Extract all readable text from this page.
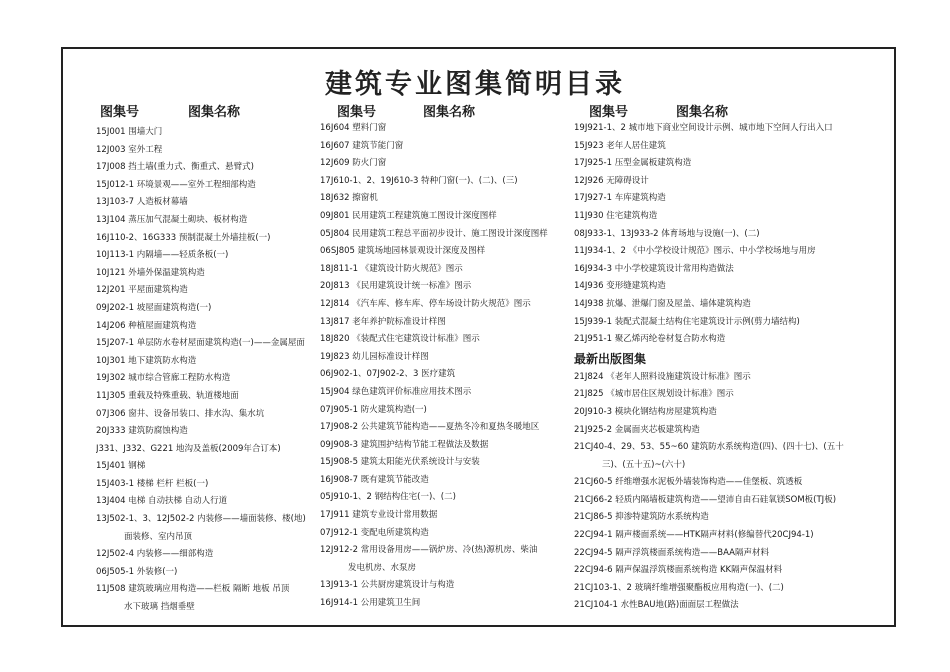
建筑专业图集简明目录
图集号	图集名称	图集号	图集名称	图集号	图集名称
15J001 围墙大门
12J003 室外工程
17J008 挡土墙(重力式、衡重式、悬臂式)
15J012-1 环境景观——室外工程细部构造
13J103-7 人造板材幕墙
13J104 蒸压加气混凝土砌块、板材构造
16J110-2、16G333 预制混凝土外墙挂板(一)
10J113-1 内隔墙——轻质条板(一)
10J121 外墙外保温建筑构造
12J201 平屋面建筑构造
09J202-1 坡屋面建筑构造(一)
14J206 种植屋面建筑构造
15J207-1 单层防水卷材屋面建筑构造(一)——金属屋面
10J301 地下建筑防水构造
19J302 城市综合管廊工程防水构造
11J305 重载及特殊重载、轨道楼地面
07J306 窗井、设备吊装口、排水沟、集水坑
20J333 建筑防腐蚀构造
J331、J332、G221 地沟及盖板(2009年合订本)
15J401 钢梯
15J403-1 楼梯 栏杆 栏板(一)
13J404 电梯 自动扶梯 自动人行道
13J502-1、3、12J502-2 内装修——墙面装修、楼(地)
面装修、室内吊顶
12J502-4 内装修——细部构造
06J505-1 外装修(一)
11J508 建筑玻璃应用构造——栏板 隔断 地板 吊顶
水下玻璃 挡烟垂壁
16J604 塑料门窗
16J607 建筑节能门窗
12J609 防火门窗
17J610-1、2、19J610-3 特种门窗(一)、(二)、(三)
18J632 擦窗机
09J801 民用建筑工程建筑施工图设计深度图样
05J804 民用建筑工程总平面初步设计、施工图设计深度图样
06SJ805 建筑场地园林景观设计深度及图样
18J811-1 《建筑设计防火规范》图示
20J813 《民用建筑设计统一标准》图示
12J814 《汽车库、修车库、停车场设计防火规范》图示
13J817 老年养护院标准设计样图
18J820 《装配式住宅建筑设计标准》图示
19J823 幼儿园标准设计样图
06J902-1、07J902-2、3 医疗建筑
15J904 绿色建筑评价标准应用技术图示
07J905-1 防火建筑构造(一)
17J908-2 公共建筑节能构造——夏热冬冷和夏热冬暖地区
09J908-3 建筑围护结构节能工程做法及数据
15J908-5 建筑太阳能光伏系统设计与安装
16J908-7 既有建筑节能改造
05J910-1、2 钢结构住宅(一)、(二)
17J911 建筑专业设计常用数据
07J912-1 变配电所建筑构造
12J912-2 常用设备用房——锅炉房、冷(热)源机房、柴油
发电机房、水泵房
13J913-1 公共厨房建筑设计与构造
16J914-1 公用建筑卫生间
19J921-1、2 城市地下商业空间设计示例、城市地下空间人行出入口
15J923 老年人居住建筑
17J925-1 压型金属板建筑构造
12J926 无障碍设计
17J927-1 车库建筑构造
11J930 住宅建筑构造
08J933-1、13J933-2 体育场地与设施(一)、(二)
11J934-1、2 《中小学校设计规范》图示、中小学校场地与用房
16J934-3 中小学校建筑设计常用构造做法
14J936 变形缝建筑构造
14J938 抗爆、泄爆门窗及屋盖、墙体建筑构造
15J939-1 装配式混凝土结构住宅建筑设计示例(剪力墙结构)
21J951-1 聚乙烯丙纶卷材复合防水构造
最新出版图集
21J824 《老年人照料设施建筑设计标准》图示
21J825 《城市居住区规划设计标准》图示
20J910-3 模块化钢结构房屋建筑构造
21J925-2 金属面夹芯板建筑构造
21CJ40-4、29、53、55~60 建筑防水系统构造(四)、(四十七)、(五十
三)、(五十五)~(六十)
21CJ60-5 纤维增强水泥板外墙装饰构造——佳堡板、筑透板
21CJ66-2 轻质内隔墙板建筑构造——望沛自由石硅氧镁SOM板(TJ板)
21CJ86-5 抑渗特建筑防水系统构造
22CJ94-1 隔声楼面系统——HTK隔声材料(修编替代20CJ94-1)
22CJ94-5 隔声浮筑楼面系统构造——BAA隔声材料
22CJ94-6 隔声保温浮筑楼面系统构造 KK隔声保温材料
21CJ103-1、2 玻璃纤维增强聚酯板应用构造(一)、(二)
21CJ104-1 水性BAU地(路)面面层工程做法
